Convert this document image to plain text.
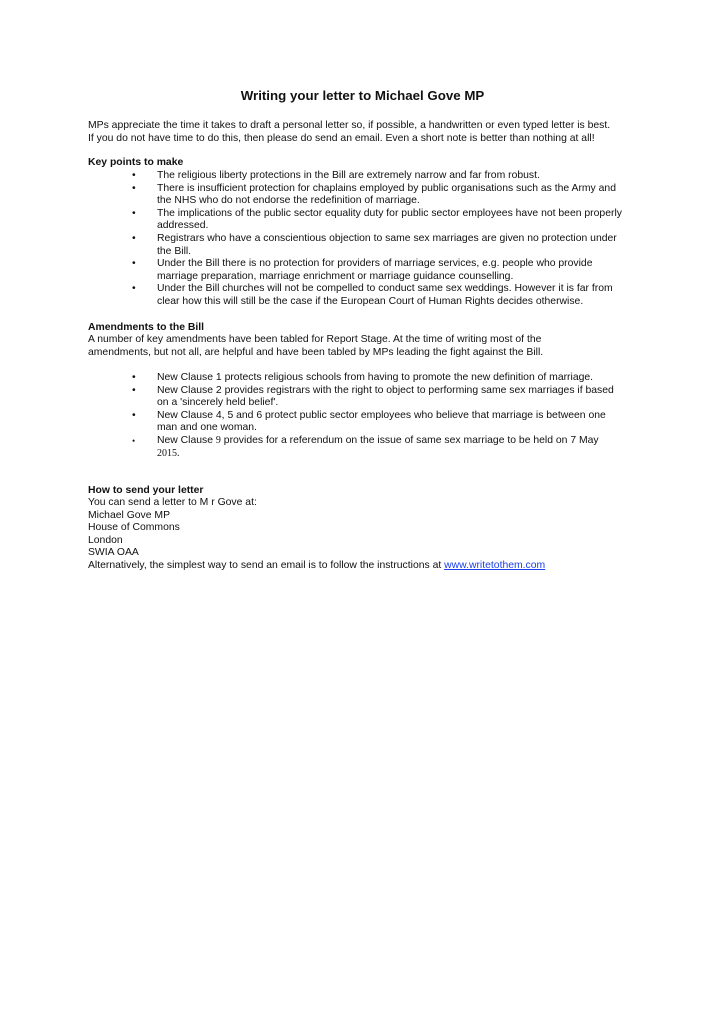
Writing your letter to Michael Gove MP
MPs appreciate the time it takes to draft a personal letter so, if possible, a handwritten or even typed letter is best.
If you do not have time to do this, then please do send an email. Even a short note is better than nothing at all!
Key points to make
• The religious liberty protections in the Bill are extremely narrow and far from robust.
• There is insufficient protection for chaplains employed by public organisations such as the Army and
the NHS who do not endorse the redefinition of marriage.
• The implications of the public sector equality duty for public sector employees have not been properly
addressed.
• Registrars who have a conscientious objection to same sex marriages are given no protection under
the Bill.
• Under the Bill there is no protection for providers of marriage services, e.g. people who provide
marriage preparation, marriage enrichment or marriage guidance counselling.
• Under the Bill churches will not be compelled to conduct same sex weddings. However it is far from
clear how this will still be the case if the European Court of Human Rights decides otherwise.
Amendments to the Bill
A number of key amendments have been tabled for Report Stage. At the time of writing most of the
amendments, but not all, are helpful and have been tabled by MPs leading the fight against the Bill.
• New Clause 1 protects religious schools from having to promote the new definition of marriage.
• New Clause 2 provides registrars with the right to object to performing same sex marriages if based
on a 'sincerely held belief'.
• New Clause 4, 5 and 6 protect public sector employees who believe that marriage is between one
man and one woman.
• New Clause 9 provides for a referendum on the issue of same sex marriage to be held on 7 May
2015.
How to send your letter
You can send a letter to M r Gove at:
Michael Gove MP
House of Commons
London
SWIA OAA
Alternatively, the simplest way to send an email is to follow the instructions at www.writetothem.com
